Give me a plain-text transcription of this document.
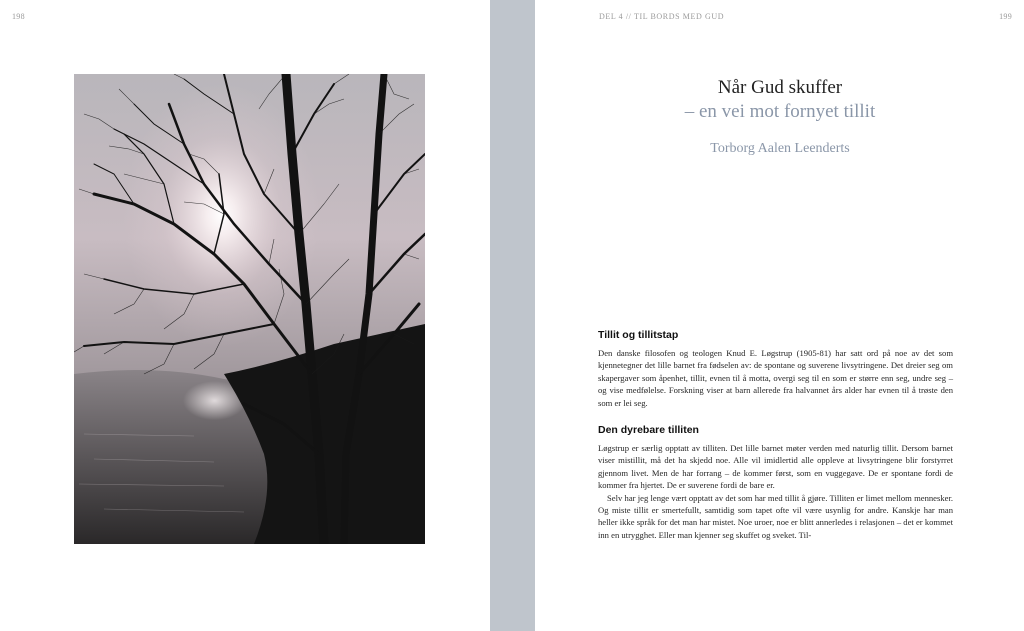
198	DEL 4 // TIL BORDS MED GUD	199
Når Gud skuffer
– en vei mot fornyet tillit
Torborg Aalen Leenderts
Tillit og tillitstap

Den danske filosofen og teologen Knud E. Løgstrup (1905-81) har satt ord på noe av det som kjennetegner det lille barnet fra fødselen av: de spontane og suverene livsytringene. Det dreier seg om skapergaver som åpenhet, tillit, evnen til å motta, overgi seg til en som er større enn seg, undre seg – og vise medfølelse. Forskning viser at barn allerede fra halvannet års alder har evnen til å trøste den som er lei seg.

Den dyrebare tilliten

Løgstrup er særlig opptatt av tilliten. Det lille barnet møter verden med naturlig tillit. Dersom barnet viser mistillit, må det ha skjedd noe. Alle vil imidlertid alle oppleve at livsytringene blir forstyrret gjennom livet. Men de har forrang – de kommer først, som en vuggegave. De er spontane fordi de kommer fra hjertet. De er suverene fordi de bare er.

Selv har jeg lenge vært opptatt av det som har med tillit å gjøre. Tilliten er limet mellom mennesker. Og miste tillit er smertefullt, samtidig som tapet ofte vil være usynlig for andre. Kanskje har man heller ikke språk for det man har mistet. Noe uroer, noe er blitt annerledes i relasjonen – det er kommet inn en utrygghet. Eller man kjenner seg skuffet og sveket. Til-
